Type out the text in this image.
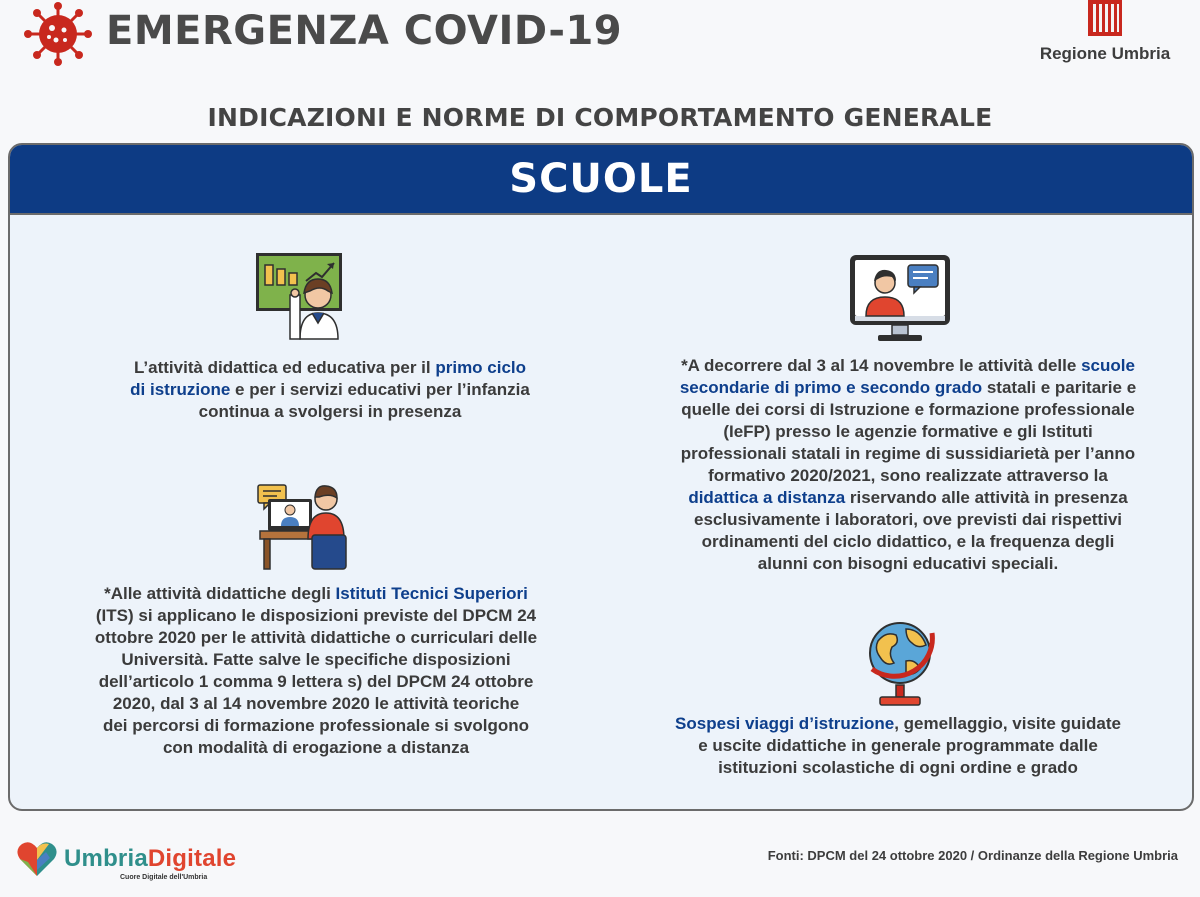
EMERGENZA COVID-19	Regione Umbria
INDICAZIONI E NORME DI COMPORTAMENTO GENERALE
SCUOLE
L’attività didattica ed educativa per il primo ciclo
di istruzione e per i servizi educativi per l’infanzia
continua a svolgersi in presenza
*Alle attività didattiche degli Istituti Tecnici Superiori
(ITS) si applicano le disposizioni previste del DPCM 24
ottobre 2020 per le attività didattiche o curriculari delle
Università. Fatte salve le specifiche disposizioni
dell’articolo 1 comma 9 lettera s) del DPCM 24 ottobre
2020, dal 3 al 14 novembre 2020 le attività teoriche
dei percorsi di formazione professionale si svolgono
con modalità di erogazione a distanza
*A decorrere dal 3 al 14 novembre le attività delle scuole
secondarie di primo e secondo grado statali e paritarie e
quelle dei corsi di Istruzione e formazione professionale
(IeFP) presso le agenzie formative e gli Istituti
professionali statali in regime di sussidiarietà per l’anno
formativo 2020/2021, sono realizzate attraverso la
didattica a distanza riservando alle attività in presenza
esclusivamente i laboratori, ove previsti dai rispettivi
ordinamenti del ciclo didattico, e la frequenza degli
alunni con bisogni educativi speciali.
Sospesi viaggi d’istruzione, gemellaggio, visite guidate
e uscite didattiche in generale programmate dalle
istituzioni scolastiche di ogni ordine e grado
UmbriaDigitale
Cuore Digitale dell'Umbria
Fonti: DPCM del 24 ottobre 2020 / Ordinanze della Regione Umbria
